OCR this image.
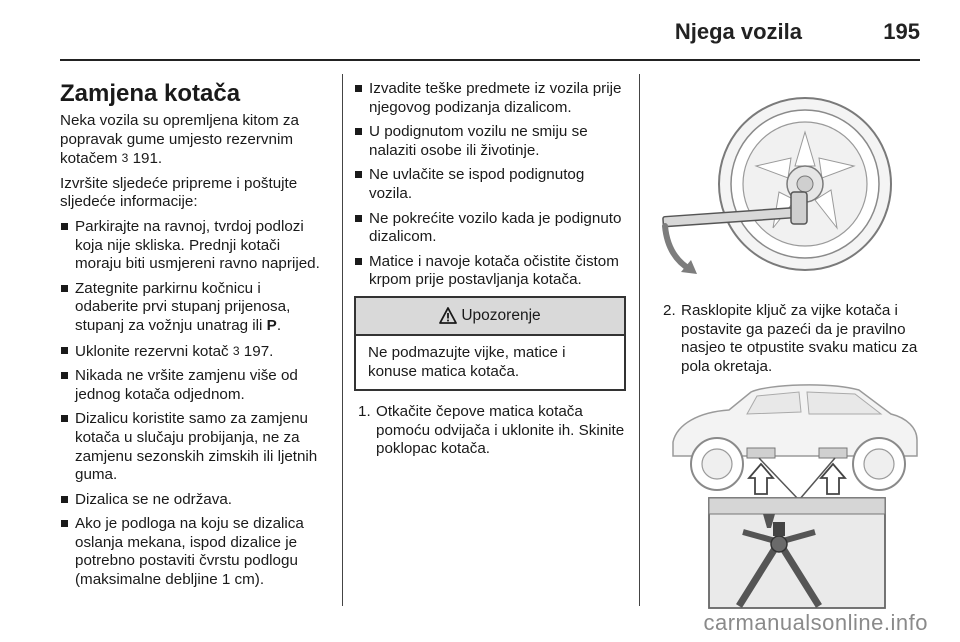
Njega vozila	195
Zamjena kotača

Neka vozila su opremljena kitom za popravak gume umjesto rezervnim kotačem 3 191.

Izvršite sljedeće pripreme i poštujte sljedeće informacije:

Parkirajte na ravnoj, tvrdoj podlozi koja nije skliska. Prednji kotači moraju biti usmjereni ravno naprijed.
Zategnite parkirnu kočnicu i odaberite prvi stupanj prijenosa, stupanj za vožnju unatrag ili P.
Uklonite rezervni kotač 3 197.
Nikada ne vršite zamjenu više od jednog kotača odjednom.
Dizalicu koristite samo za zamjenu kotača u slučaju probijanja, ne za zamjenu sezonskih zimskih ili ljetnih guma.
Dizalica se ne održava.
Ako je podloga na koju se dizalica oslanja mekana, ispod dizalice je potrebno postaviti čvrstu podlogu (maksimalne debljine 1 cm).
Izvadite teške predmete iz vozila prije njegovog podizanja dizalicom.
U podignutom vozilu ne smiju se nalaziti osobe ili životinje.
Ne uvlačite se ispod podignutog vozila.
Ne pokrećite vozilo kada je podignuto dizalicom.
Matice i navoje kotača očistite čistom krpom prije postavljanja kotača.
Upozorenje
Ne podmazujte vijke, matice i konuse matica kotača.
1. Otkačite čepove matica kotača pomoću odvijača i uklonite ih. Skinite poklopac kotača.
2. Rasklopite ključ za vijke kotača i postavite ga pazeći da je pravilno nasjeo te otpustite svaku maticu za pola okretaja.
carmanualsonline.info
